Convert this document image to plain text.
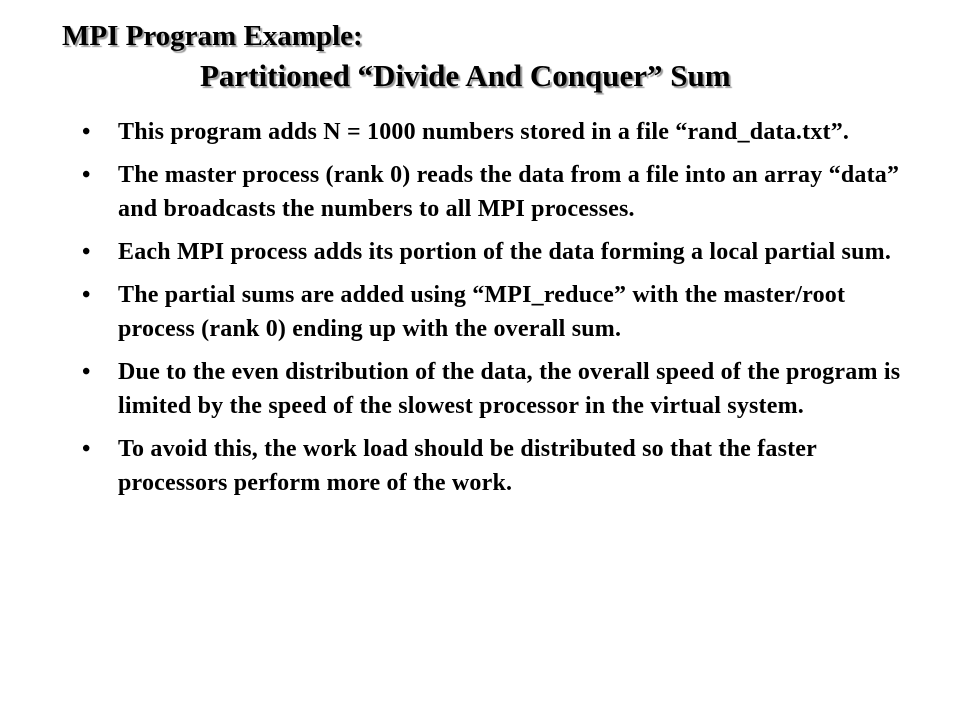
MPI Program Example:
Partitioned “Divide And Conquer” Sum
• This program adds N = 1000 numbers stored in a file “rand_data.txt”.
• The master process (rank 0) reads the data from a file into an array “data” and broadcasts the numbers to all MPI processes.
• Each MPI process adds its portion of the data forming a local partial sum.
• The partial sums are added using “MPI_reduce” with the master/root process (rank 0) ending up with the overall sum.
• Due to the even distribution of the data, the overall speed of the program is limited by the speed of the slowest processor in the virtual system.
• To avoid this, the work load should be distributed so that the faster processors perform more of the work.
